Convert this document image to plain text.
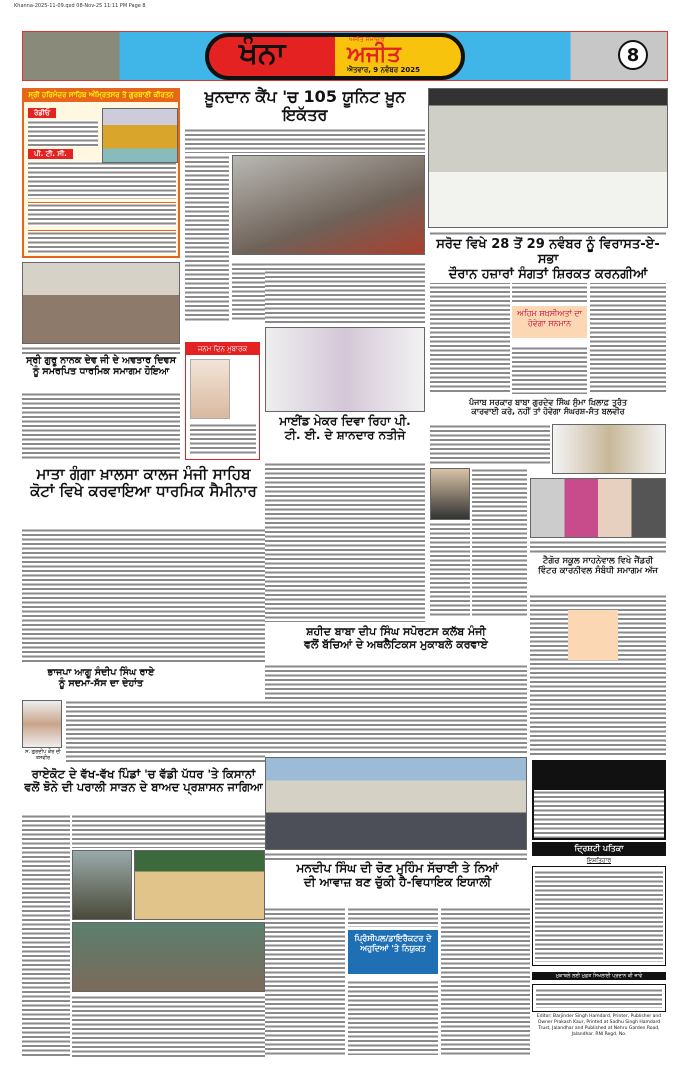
Khanna-2025-11-09.qxd 08-Nov-25 11:11 PM Page 8
ਖੰਨਾ	ਅਜੀਤ ਸਮਾਚਾਰ
ਅਜੀਤ
ਐਤਵਾਰ, 9 ਨਵੰਬਰ 2025
8
ਸ੍ਰੀ ਹਰਿਮੰਦਰ ਸਾਹਿਬ ਅੰਮ੍ਰਿਤਸਰ ਤੋਂ ਗੁਰਬਾਣੀ ਕੀਰਤਨ
ਰੇਡੀਓ
ਪੀ. ਟੀ. ਸੀ.
ਖ਼ੂਨਦਾਨ ਕੈਂਪ 'ਚ 105 ਯੂਨਿਟ ਖ਼ੂਨ ਇਕੱਤਰ
ਸਰੋਦ ਵਿਖੇ 28 ਤੋਂ 29 ਨਵੰਬਰ ਨੂੰ ਵਿਰਾਸਤ-ਏ-ਸਭਾ
ਦੌਰਾਨ ਹਜ਼ਾਰਾਂ ਸੰਗਤਾਂ ਸ਼ਿਰਕਤ ਕਰਨਗੀਆਂ
ਅਹਿਮ ਸ਼ਖ਼ਸੀਅਤਾਂ ਦਾ ਹੋਵੇਗਾ ਸਨਮਾਨ
ਸ੍ਰੀ ਗੁਰੂ ਨਾਨਕ ਦੇਵ ਜੀ ਦੇ ਅਵਤਾਰ ਦਿਵਸ
ਨੂੰ ਸਮਰਪਿਤ ਧਾਰਮਿਕ ਸਮਾਗਮ ਹੋਇਆ
ਜਨਮ ਦਿਨ ਮੁਬਾਰਕ
ਮਾਈਂਡ ਮੇਕਰ ਦਿਵਾ ਰਿਹਾ ਪੀ.
ਟੀ. ਈ. ਦੇ ਸ਼ਾਨਦਾਰ ਨਤੀਜੇ
ਪੰਜਾਬ ਸਰਕਾਰ ਬਾਬਾ ਗੁਰਦੇਵ ਸਿੰਘ ਸੁੰਮਾ ਖ਼ਿਲਾਫ਼ ਤੁਰੰਤ
ਕਾਰਵਾਈ ਕਰੇ, ਨਹੀਂ ਤਾਂ ਹੋਵੇਗਾ ਸੰਘਰਸ਼-ਸੰਤ ਬਲਵੀਰ
ਟੈਗੋਰ ਸਕੂਲ ਸਾਹਨੇਵਾਲ ਵਿਖੇ ਜੈਂਡਰੀ
ਵਿੰਟਰ ਕਾਰਨੀਵਲ ਸੰਬੰਧੀ ਸਮਾਗਮ ਅੱਜ
ਮਾਤਾ ਗੰਗਾ ਖ਼ਾਲਸਾ ਕਾਲਜ ਮੰਜੀ ਸਾਹਿਬ
ਕੋਟਾਂ ਵਿਖੇ ਕਰਵਾਇਆ ਧਾਰਮਿਕ ਸੈਮੀਨਾਰ
ਸ਼ਹੀਦ ਬਾਬਾ ਦੀਪ ਸਿੰਘ ਸਪੋਰਟਸ ਕਲੱਬ ਮੰਜੀ
ਵਲੋਂ ਬੱਚਿਆਂ ਦੇ ਅਥਲੈਟਿਕਸ ਮੁਕਾਬਲੇ ਕਰਵਾਏ
ਭਾਜਪਾ ਆਗੂ ਸੰਦੀਪ ਸਿੰਘ ਰਾਏ
ਨੂੰ ਸਦਮਾ-ਸੱਸ ਦਾ ਦੇਹਾਂਤ
ਸ. ਗੁਰਦੀਪ ਕੌਰ ਦੀ ਤਸਵੀਰ
ਰਾਏਕੋਟ ਦੇ ਵੱਖ-ਵੱਖ ਪਿੰਡਾਂ 'ਚ ਵੱਡੀ ਪੱਧਰ 'ਤੇ ਕਿਸਾਨਾਂ
ਵਲੋਂ ਝੋਨੇ ਦੀ ਪਰਾਲੀ ਸਾੜਨ ਦੇ ਬਾਅਦ ਪ੍ਰਸ਼ਾਸਨ ਜਾਗਿਆ
ਮਨਦੀਪ ਸਿੰਘ ਦੀ ਚੋਣ ਮੁਹਿੰਮ ਸੱਚਾਈ ਤੇ ਨਿਆਂ
ਦੀ ਆਵਾਜ਼ ਬਣ ਚੁੱਕੀ ਹੈ-ਵਿਧਾਇਕ ਇਯਾਲੀ
ਪ੍ਰਿੰਸੀਪਲ/ਡਾਇਰੈਕਟਰ ਦੇ ਅਹੁਦਿਆਂ 'ਤੇ ਨਿਯੁਕਤ
ਦ੍ਰਿਸ਼ਟੀ ਪਤਿਕਾ
ਇਸ਼ਤਿਹਾਰ
ਮੁਕਾਬਲੇ ਲਈ ਮੁਫ਼ਤ ਸਿਖਲਾਈ ਪ੍ਰਦਾਨ ਕੀ ਜਾਵੇ
Editor: Barjinder Singh Hamdard, Printer, Publisher and Owner Prakash Kaur, Printed at Sadhu Singh Hamdard Trust, Jalandhar and Published at Nehru Garden Road, Jalandhar. RNI Regd. No.
